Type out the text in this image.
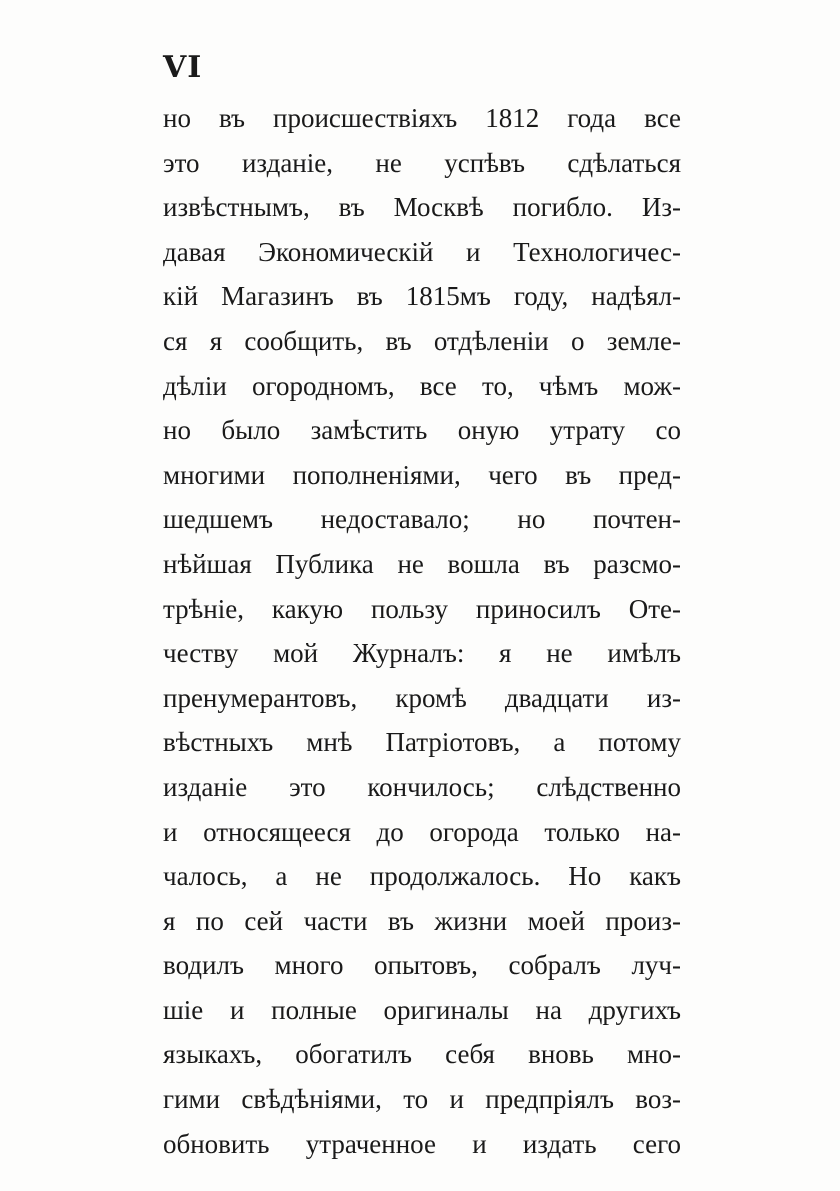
VI
но въ происшествіяхъ 1812 года все
это изданіе, не успѣвъ сдѣлаться
извѣстнымъ, въ Москвѣ погибло. Из-
давая Экономическій и Технологичес-
кій Магазинъ въ 1815мъ году, надѣял-
ся я сообщить, въ отдѣленіи о земле-
дѣліи огородномъ, все то, чѣмъ мож-
но было замѣстить оную утрату со
многими пополненіями, чего въ пред-
шедшемъ недоставало; но почтен-
нѣйшая Публика не вошла въ разсмо-
трѣніе, какую пользу приносилъ Оте-
честву мой Журналъ: я не имѣлъ
пренумерантовъ, кромѣ двадцати из-
вѣстныхъ мнѣ Патріотовъ, а потому
изданіе это кончилось; слѣдственно
и относящееся до огорода только на-
чалось, а не продолжалось. Но какъ
я по сей части въ жизни моей произ-
водилъ много опытовъ, собралъ луч-
шіе и полные оригиналы на другихъ
языкахъ, обогатилъ себя вновь мно-
гими свѣдѣніями, то и предпріялъ воз-
обновить утраченное и издать сего
